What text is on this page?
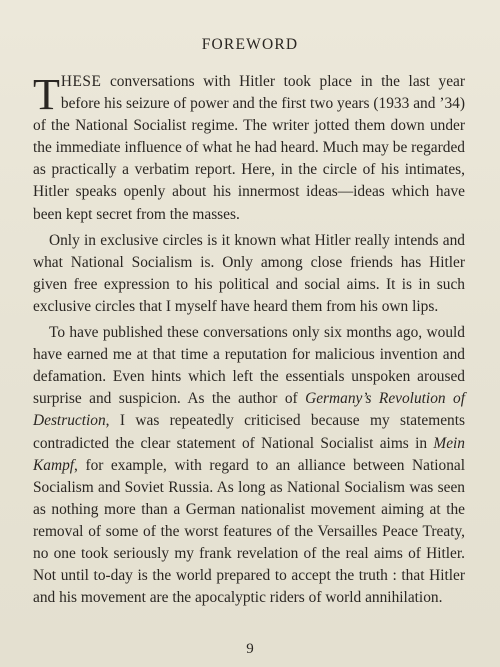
FOREWORD

THESE conversations with Hitler took place in the last year before his seizure of power and the first two years (1933 and ’34) of the National Socialist regime. The writer jotted them down under the immediate influence of what he had heard. Much may be regarded as practically a verbatim report. Here, in the circle of his intimates, Hitler speaks openly about his innermost ideas—ideas which have been kept secret from the masses.

Only in exclusive circles is it known what Hitler really intends and what National Socialism is. Only among close friends has Hitler given free expression to his political and social aims. It is in such exclusive circles that I myself have heard them from his own lips.

To have published these conversations only six months ago, would have earned me at that time a reputation for malicious invention and defamation. Even hints which left the essentials unspoken aroused surprise and suspicion. As the author of Germany’s Revolution of Destruction, I was repeatedly criticised because my statements contradicted the clear statement of National Socialist aims in Mein Kampf, for example, with regard to an alliance between National Socialism and Soviet Russia. As long as National Socialism was seen as nothing more than a German nationalist movement aiming at the removal of some of the worst features of the Versailles Peace Treaty, no one took seriously my frank revelation of the real aims of Hitler. Not until to-day is the world prepared to accept the truth : that Hitler and his movement are the apocalyptic riders of world annihilation.

9
